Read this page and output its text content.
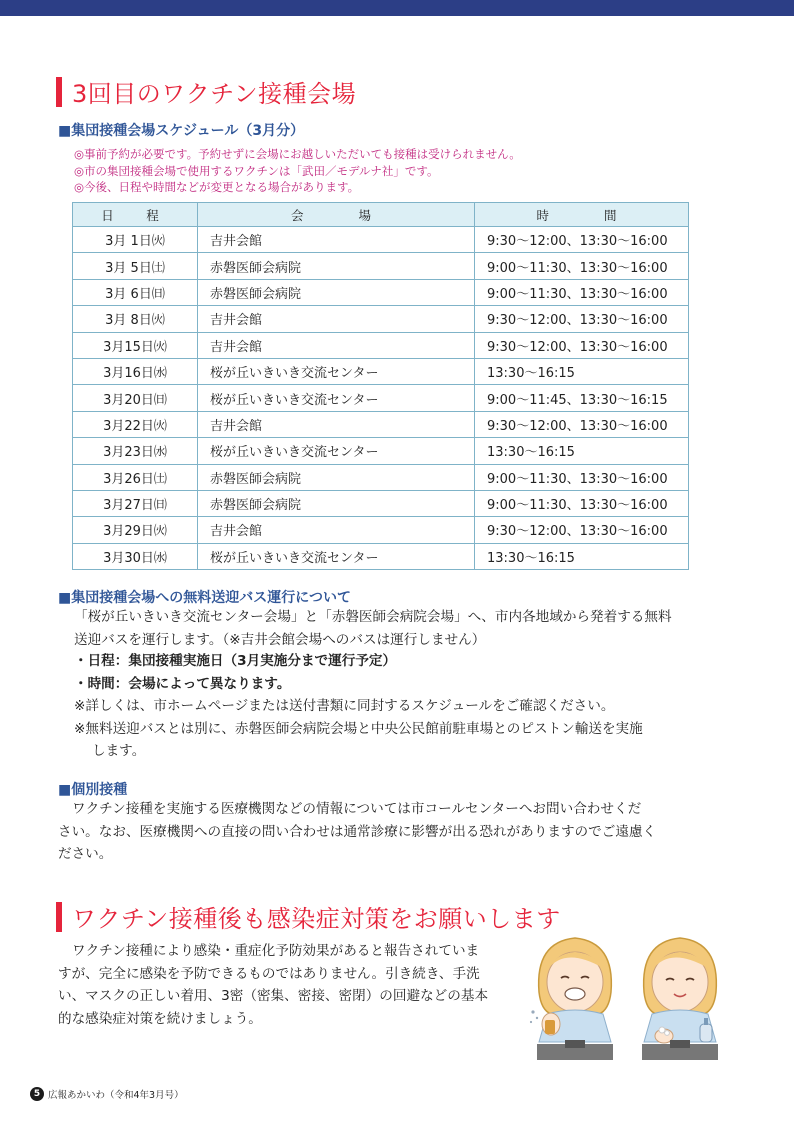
3回目のワクチン接種会場
■集団接種会場スケジュール（3月分）
◎事前予約が必要です。予約せずに会場にお越しいただいても接種は受けられません。
◎市の集団接種会場で使用するワクチンは「武田／モデルナ社」です。
◎今後、日程や時間などが変更となる場合があります。
日　程	会　　場	時　　間
3月 1日㈫	吉井会館	9:30～12:00、13:30～16:00
3月 5日㈯	赤磐医師会病院	9:00～11:30、13:30～16:00
3月 6日㈰	赤磐医師会病院	9:00～11:30、13:30～16:00
3月 8日㈫	吉井会館	9:30～12:00、13:30～16:00
3月15日㈫	吉井会館	9:30～12:00、13:30～16:00
3月16日㈬	桜が丘いきいき交流センター	13:30～16:15
3月20日㈰	桜が丘いきいき交流センター	9:00～11:45、13:30～16:15
3月22日㈫	吉井会館	9:30～12:00、13:30～16:00
3月23日㈬	桜が丘いきいき交流センター	13:30～16:15
3月26日㈯	赤磐医師会病院	9:00～11:30、13:30～16:00
3月27日㈰	赤磐医師会病院	9:00～11:30、13:30～16:00
3月29日㈫	吉井会館	9:30～12:00、13:30～16:00
3月30日㈬	桜が丘いきいき交流センター	13:30～16:15
■集団接種会場への無料送迎バス運行について
「桜が丘いきいき交流センター会場」と「赤磐医師会病院会場」へ、市内各地域から発着する無料
送迎バスを運行します。（※吉井会館会場へのバスは運行しません）
・日程：集団接種実施日（3月実施分まで運行予定）
・時間：会場によって異なります。
※詳しくは、市ホームページまたは送付書類に同封するスケジュールをご確認ください。
※無料送迎バスとは別に、赤磐医師会病院会場と中央公民館前駐車場とのピストン輸送を実施
します。
■個別接種
ワクチン接種を実施する医療機関などの情報については市コールセンターへお問い合わせくだ
さい。なお、医療機関への直接の問い合わせは通常診療に影響が出る恐れがありますのでご遠慮く
ださい。
ワクチン接種後も感染症対策をお願いします
ワクチン接種により感染・重症化予防効果があると報告されていま
すが、完全に感染を予防できるものではありません。引き続き、手洗
い、マスクの正しい着用、3密（密集、密接、密閉）の回避などの基本
的な感染症対策を続けましょう。
5 広報あかいわ（令和4年3月号）
